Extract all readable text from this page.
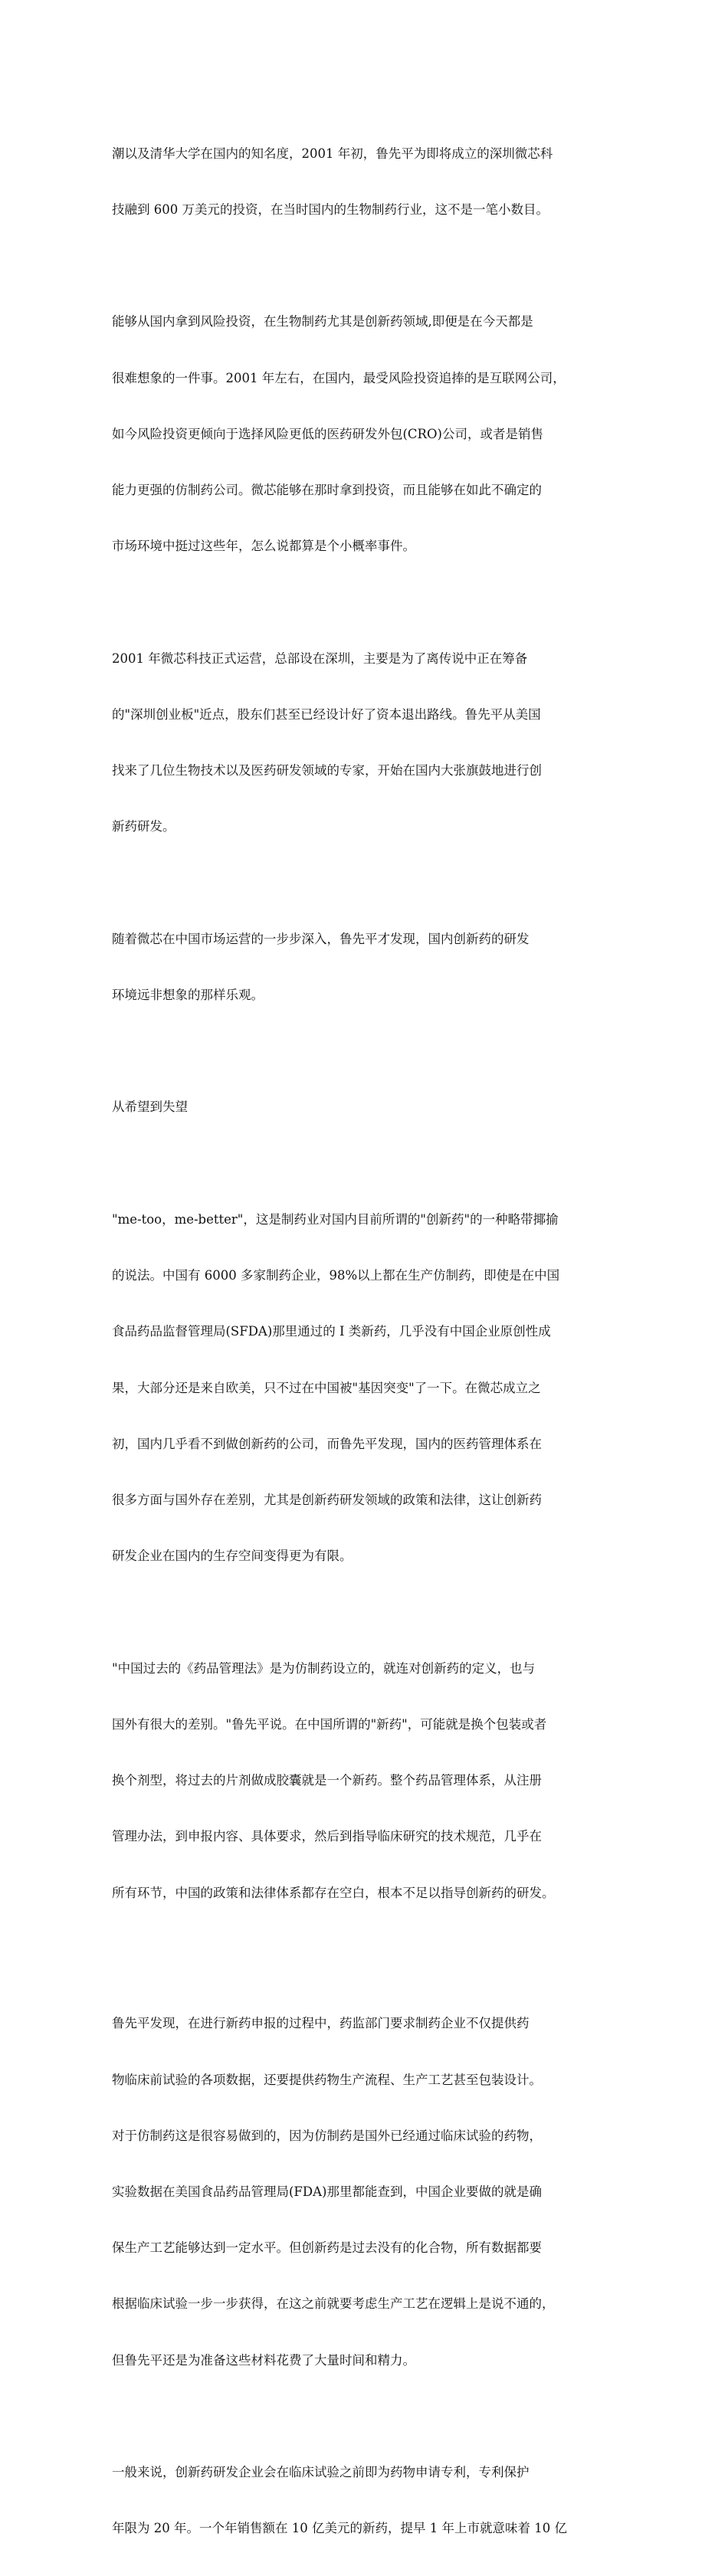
潮以及清华大学在国内的知名度，2001 年初，鲁先平为即将成立的深圳微芯科

技融到 600 万美元的投资，在当时国内的生物制药行业，这不是一笔小数目。

能够从国内拿到风险投资，在生物制药尤其是创新药领域,即便是在今天都是

很难想象的一件事。2001 年左右，在国内，最受风险投资追捧的是互联网公司，

如今风险投资更倾向于选择风险更低的医药研发外包(CRO)公司，或者是销售

能力更强的仿制药公司。微芯能够在那时拿到投资，而且能够在如此不确定的

市场环境中挺过这些年，怎么说都算是个小概率事件。

2001 年微芯科技正式运营，总部设在深圳，主要是为了离传说中正在筹备

的"深圳创业板"近点，股东们甚至已经设计好了资本退出路线。鲁先平从美国

找来了几位生物技术以及医药研发领域的专家，开始在国内大张旗鼓地进行创

新药研发。

随着微芯在中国市场运营的一步步深入，鲁先平才发现，国内创新药的研发

环境远非想象的那样乐观。

从希望到失望

"me-too，me-better"，这是制药业对国内目前所谓的"创新药"的一种略带揶揄

的说法。中国有 6000 多家制药企业，98%以上都在生产仿制药，即使是在中国

食品药品监督管理局(SFDA)那里通过的 I 类新药，几乎没有中国企业原创性成

果，大部分还是来自欧美，只不过在中国被"基因突变"了一下。在微芯成立之

初，国内几乎看不到做创新药的公司，而鲁先平发现，国内的医药管理体系在

很多方面与国外存在差别，尤其是创新药研发领域的政策和法律，这让创新药

研发企业在国内的生存空间变得更为有限。

"中国过去的《药品管理法》是为仿制药设立的，就连对创新药的定义，也与

国外有很大的差别。"鲁先平说。在中国所谓的"新药"，可能就是换个包装或者

换个剂型，将过去的片剂做成胶囊就是一个新药。整个药品管理体系，从注册

管理办法，到申报内容、具体要求，然后到指导临床研究的技术规范，几乎在

所有环节，中国的政策和法律体系都存在空白，根本不足以指导创新药的研发。

鲁先平发现，在进行新药申报的过程中，药监部门要求制药企业不仅提供药

物临床前试验的各项数据，还要提供药物生产流程、生产工艺甚至包装设计。

对于仿制药这是很容易做到的，因为仿制药是国外已经通过临床试验的药物，

实验数据在美国食品药品管理局(FDA)那里都能查到，中国企业要做的就是确

保生产工艺能够达到一定水平。但创新药是过去没有的化合物，所有数据都要

根据临床试验一步一步获得，在这之前就要考虑生产工艺在逻辑上是说不通的，

但鲁先平还是为准备这些材料花费了大量时间和精力。

一般来说，创新药研发企业会在临床试验之前即为药物申请专利，专利保护

年限为 20 年。一个年销售额在 10 亿美元的新药，提早 1 年上市就意味着 10 亿
